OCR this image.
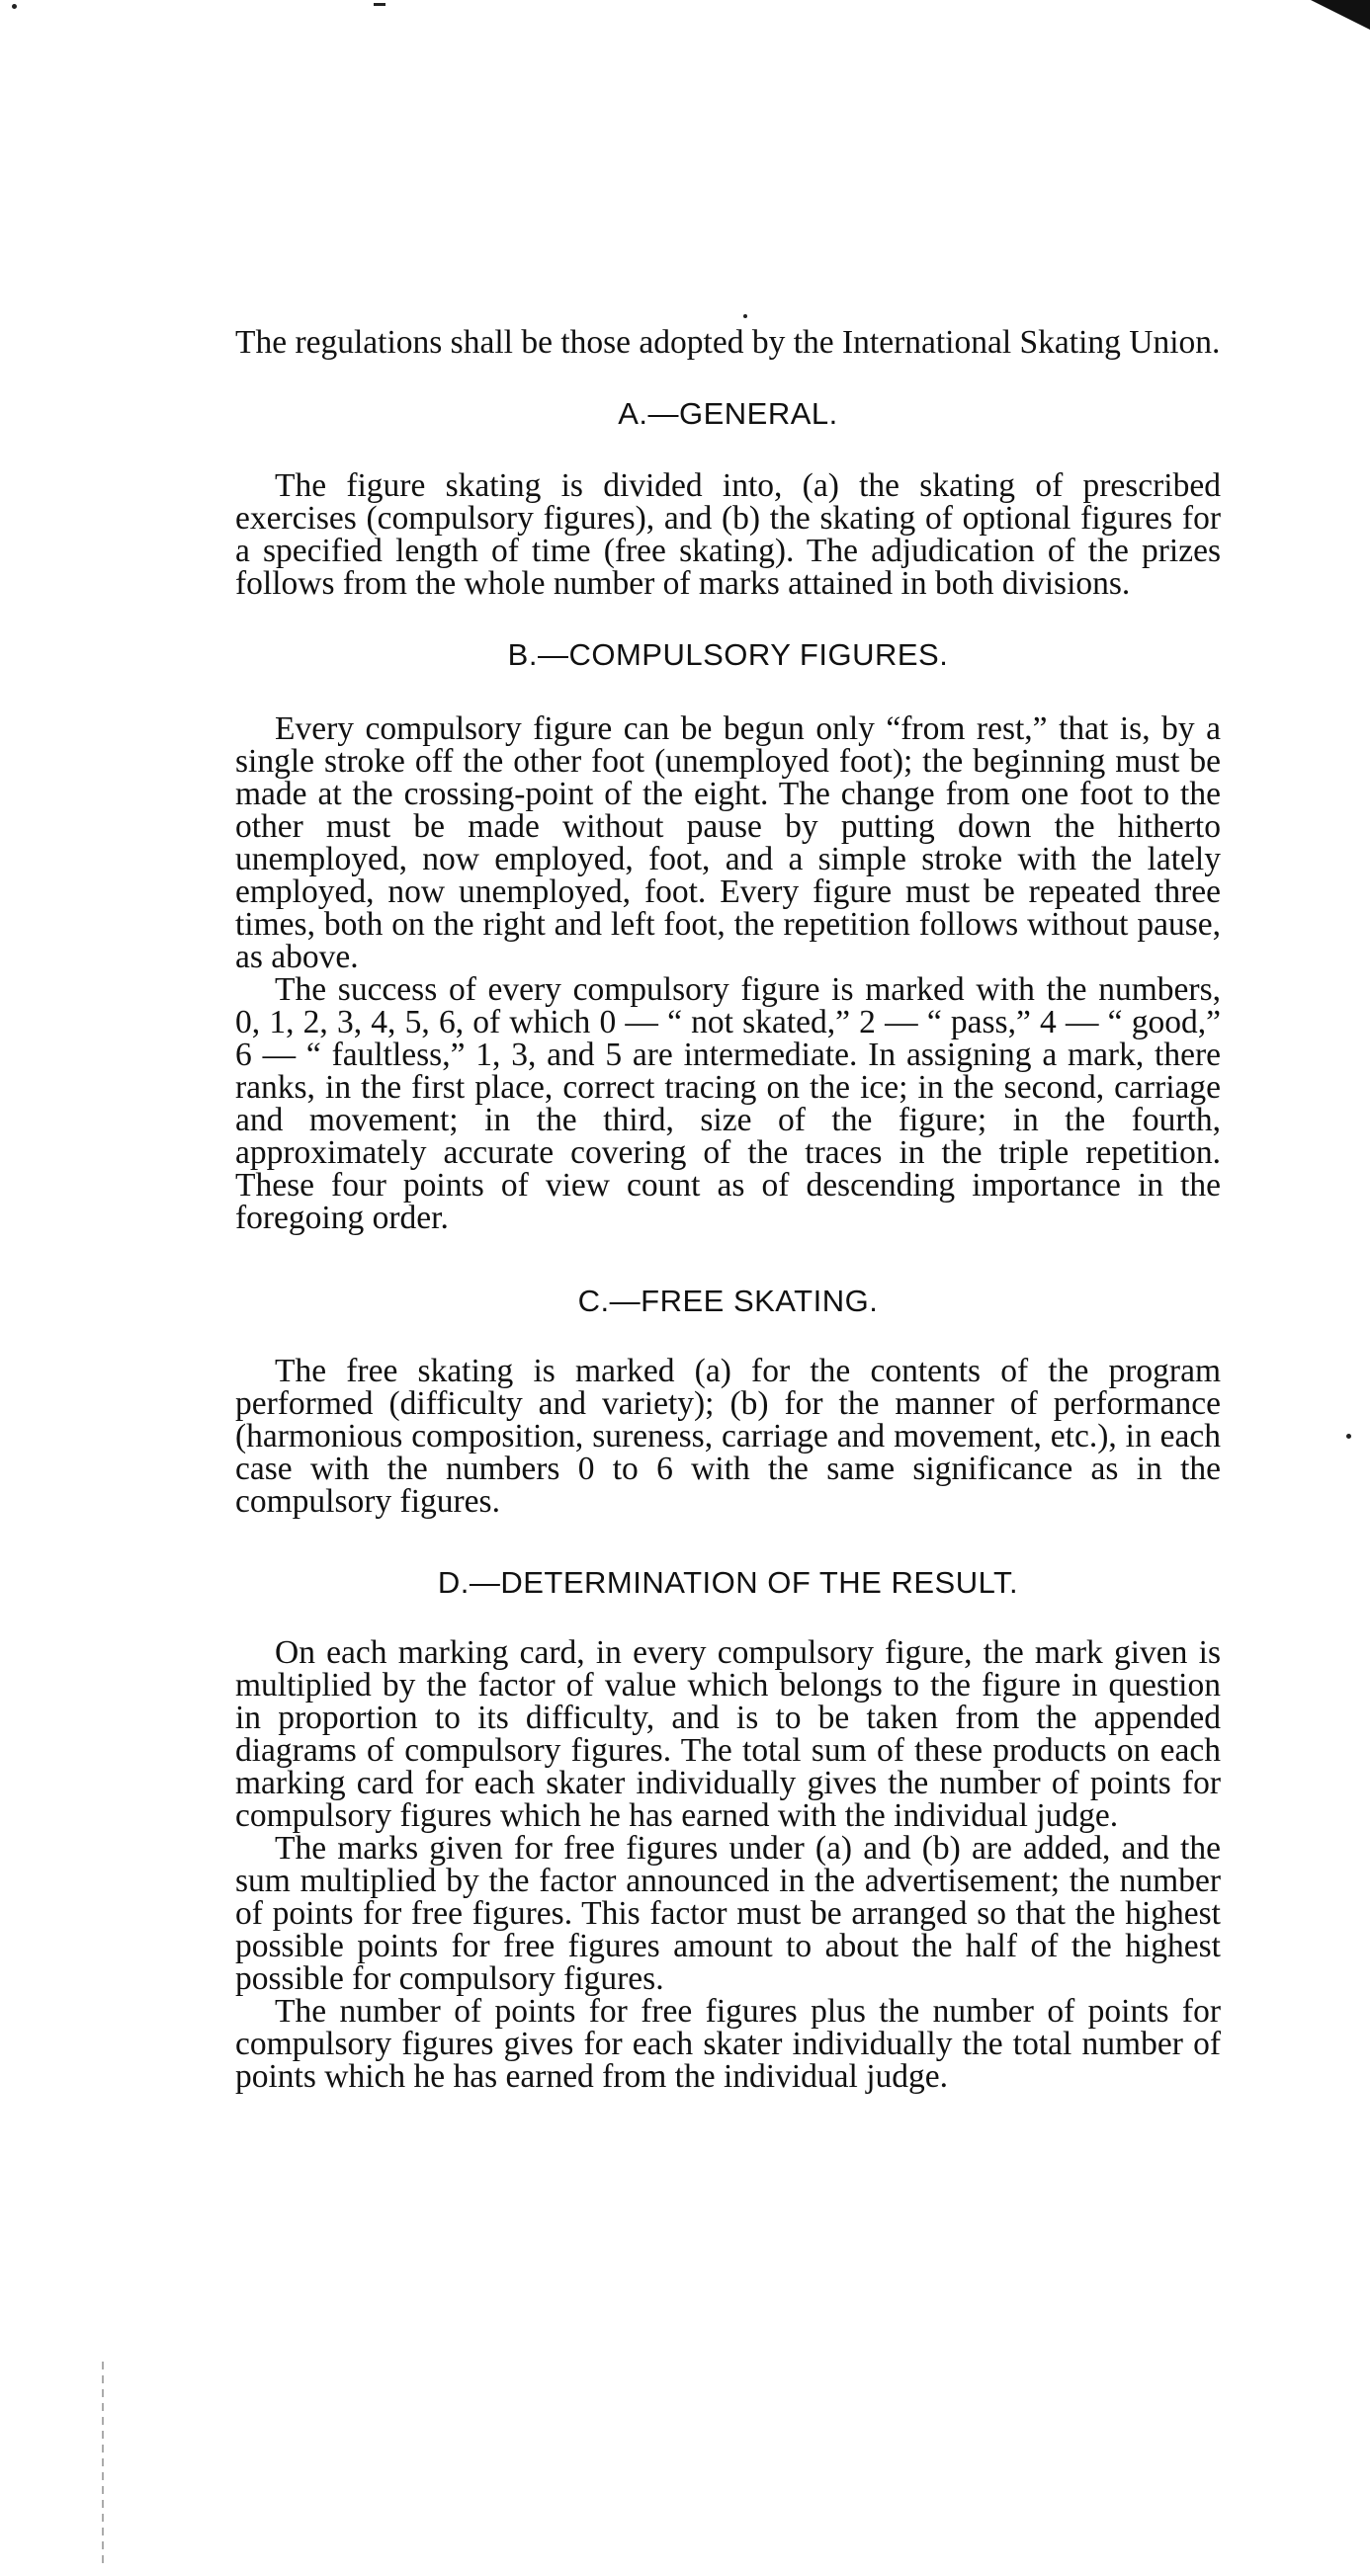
The regulations shall be those adopted by the International Skating Union.

A.—GENERAL.

The figure skating is divided into, (a) the skating of prescribed exercises (compulsory figures), and (b) the skating of optional figures for a specified length of time (free skating). The adjudication of the prizes follows from the whole number of marks attained in both divisions.

B.—COMPULSORY FIGURES.

Every compulsory figure can be begun only “from rest,” that is, by a single stroke off the other foot (unemployed foot); the beginning must be made at the crossing-point of the eight. The change from one foot to the other must be made without pause by putting down the hitherto unemployed, now employed, foot, and a simple stroke with the lately employed, now unemployed, foot. Every figure must be repeated three times, both on the right and left foot, the repetition follows without pause, as above.

The success of every compulsory figure is marked with the numbers, 0, 1, 2, 3, 4, 5, 6, of which 0 — “ not skated,” 2 — “ pass,” 4 — “ good,” 6 — “ faultless,” 1, 3, and 5 are intermediate. In assigning a mark, there ranks, in the first place, correct tracing on the ice; in the second, carriage and movement; in the third, size of the figure; in the fourth, approximately accurate covering of the traces in the triple repetition. These four points of view count as of descending importance in the foregoing order.

C.—FREE SKATING.

The free skating is marked (a) for the contents of the program performed (difficulty and variety); (b) for the manner of performance (harmonious composition, sureness, carriage and movement, etc.), in each case with the numbers 0 to 6 with the same significance as in the compulsory figures.

D.—DETERMINATION OF THE RESULT.

On each marking card, in every compulsory figure, the mark given is multiplied by the factor of value which belongs to the figure in question in proportion to its difficulty, and is to be taken from the appended diagrams of compulsory figures. The total sum of these products on each marking card for each skater individually gives the number of points for compulsory figures which he has earned with the individual judge.

The marks given for free figures under (a) and (b) are added, and the sum multiplied by the factor announced in the advertisement; the number of points for free figures. This factor must be arranged so that the highest possible points for free figures amount to about the half of the highest possible for compulsory figures.

The number of points for free figures plus the number of points for compulsory figures gives for each skater individually the total number of points which he has earned from the individual judge.
